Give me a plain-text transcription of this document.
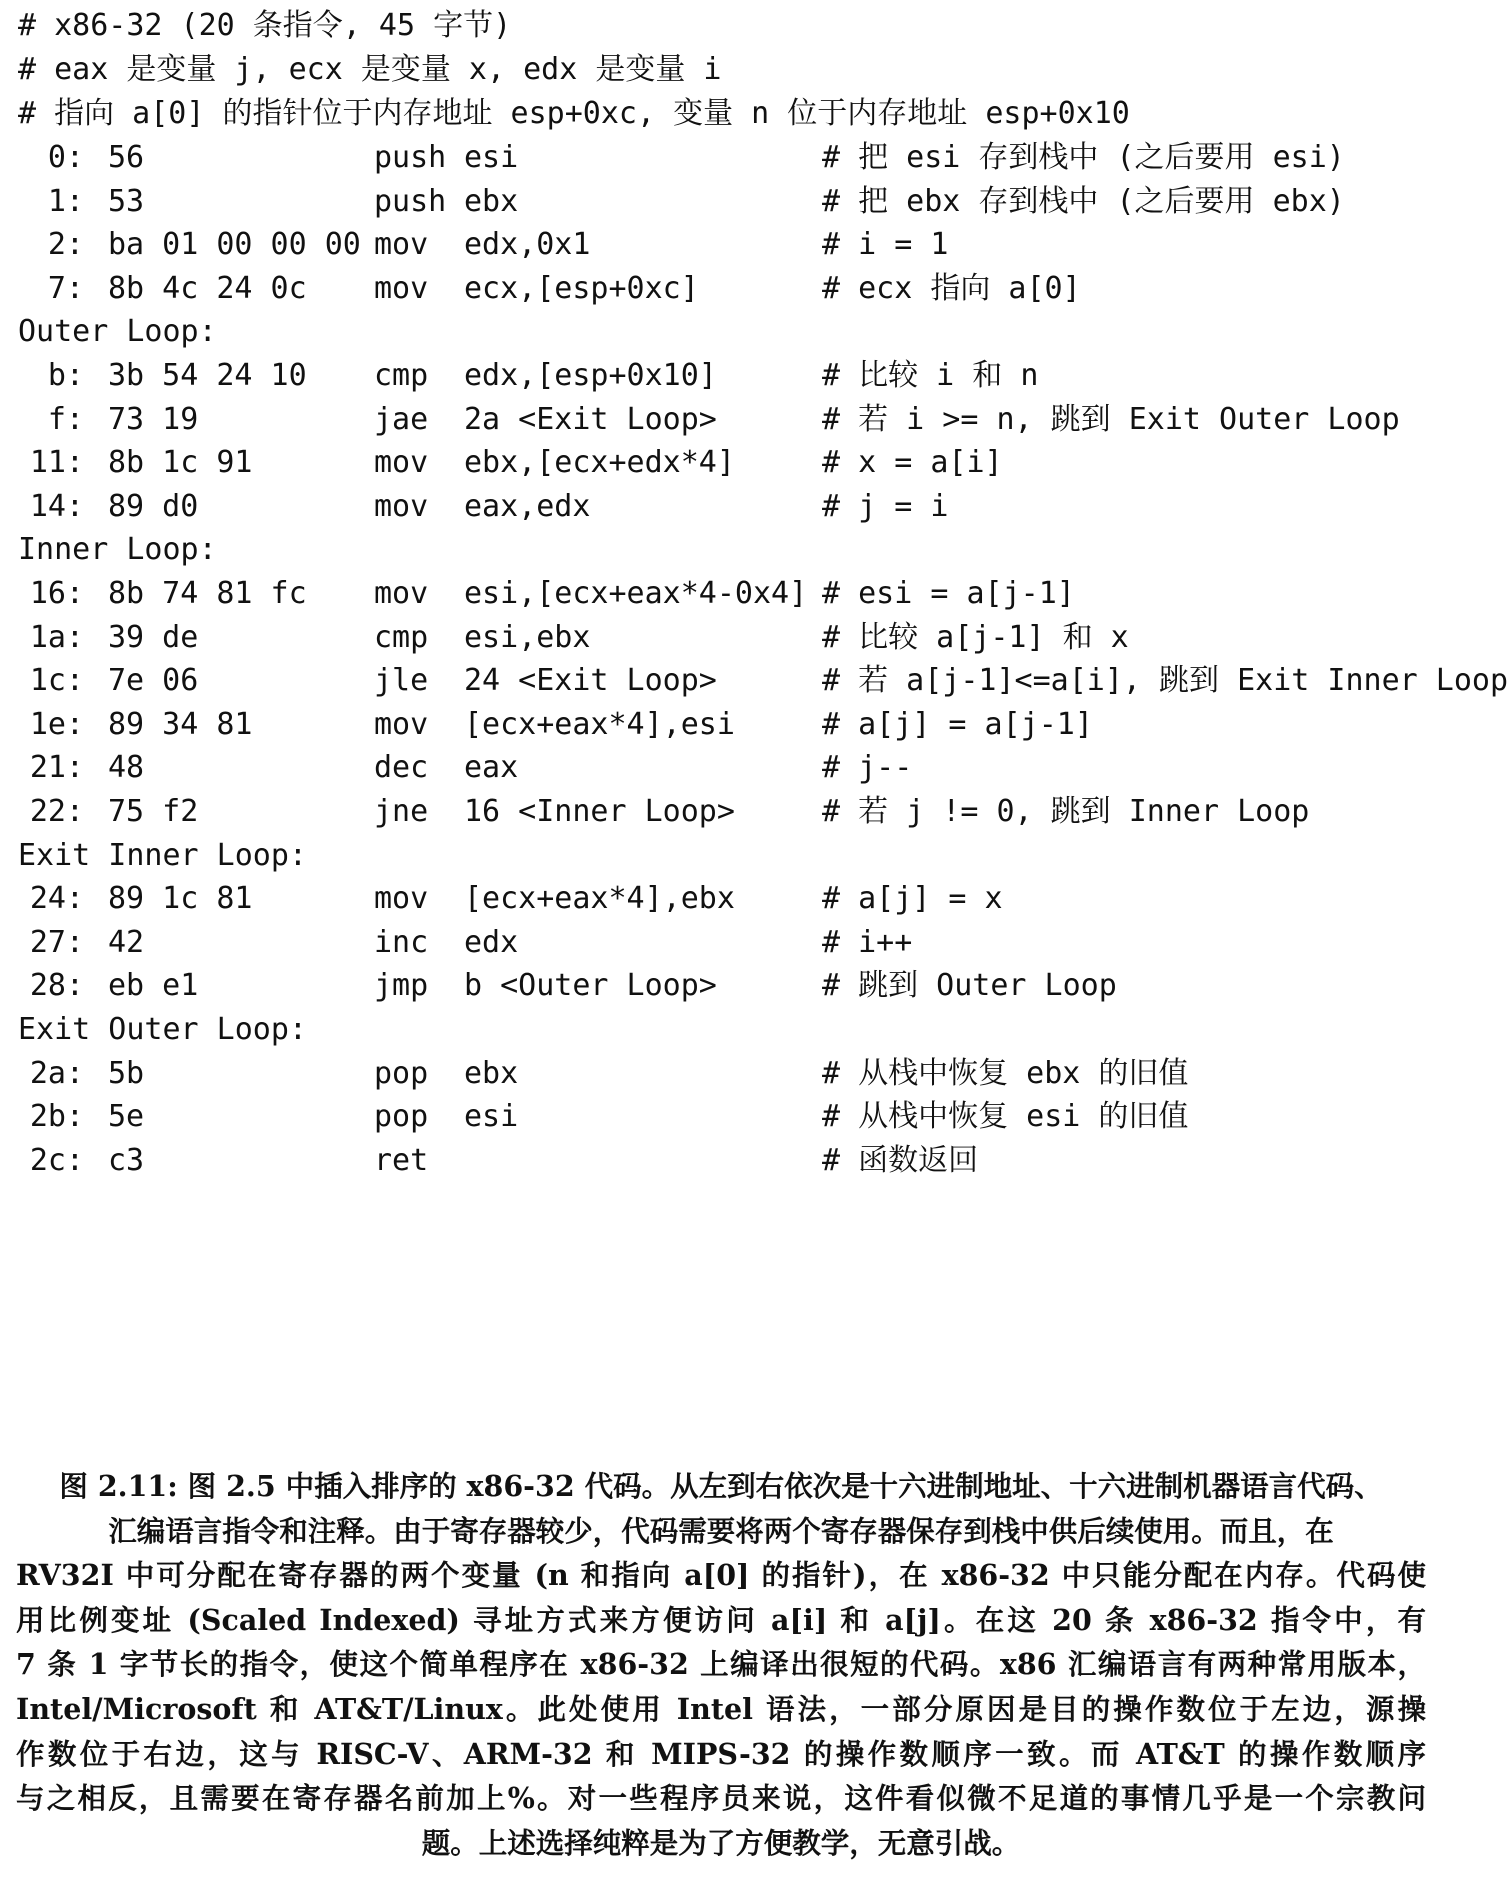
# x86-32 (20 条指令, 45 字节)
# eax 是变量 j, ecx 是变量 x, edx 是变量 i
# 指向 a[0] 的指针位于内存地址 esp+0xc, 变量 n 位于内存地址 esp+0x10
0: 56	push esi	# 把 esi 存到栈中 (之后要用 esi)
1: 53	push ebx	# 把 ebx 存到栈中 (之后要用 ebx)
2: ba 01 00 00 00 mov edx,0x1	# i = 1
7: 8b 4c 24 0c mov ecx,[esp+0xc]	# ecx 指向 a[0]
Outer Loop:
b: 3b 54 24 10 cmp edx,[esp+0x10]	# 比较 i 和 n
f: 73 19	jae 2a <Exit Loop>	# 若 i >= n, 跳到 Exit Outer Loop
11: 8b 1c 91	mov ebx,[ecx+edx*4]	# x = a[i]
14: 89 d0	mov eax,edx	# j = i
Inner Loop:
16: 8b 74 81 fc mov esi,[ecx+eax*4-0x4] # esi = a[j-1]
1a: 39 de	cmp esi,ebx	# 比较 a[j-1] 和 x
1c: 7e 06	jle 24 <Exit Loop>	# 若 a[j-1]<=a[i], 跳到 Exit Inner Loop
1e: 89 34 81	mov [ecx+eax*4],esi	# a[j] = a[j-1]
21: 48	dec eax	# j--
22: 75 f2	jne 16 <Inner Loop>	# 若 j != 0, 跳到 Inner Loop
Exit Inner Loop:
24: 89 1c 81	mov [ecx+eax*4],ebx	# a[j] = x
27: 42	inc edx	# i++
28: eb e1	jmp b <Outer Loop>	# 跳到 Outer Loop
Exit Outer Loop:
2a: 5b	pop ebx	# 从栈中恢复 ebx 的旧值
2b: 5e	pop esi	# 从栈中恢复 esi 的旧值
2c: c3	ret	# 函数返回
图 2.11: 图 2.5 中插入排序的 x86-32 代码。从左到右依次是十六进制地址、十六进制机器语言代码、
汇编语言指令和注释。由于寄存器较少，代码需要将两个寄存器保存到栈中供后续使用。而且，在
RV32I 中可分配在寄存器的两个变量 (n 和指向 a[0] 的指针)，在 x86-32 中只能分配在内存。代码使
用比例变址 (Scaled Indexed) 寻址方式来方便访问 a[i] 和 a[j]。在这 20 条 x86-32 指令中，有
7 条 1 字节长的指令，使这个简单程序在 x86-32 上编译出很短的代码。x86 汇编语言有两种常用版本，
Intel/Microsoft 和 AT&T/Linux。此处使用 Intel 语法，一部分原因是目的操作数位于左边，源操
作数位于右边，这与 RISC-V、ARM-32 和 MIPS-32 的操作数顺序一致。而 AT&T 的操作数顺序
与之相反，且需要在寄存器名前加上%。对一些程序员来说，这件看似微不足道的事情几乎是一个宗教问
题。上述选择纯粹是为了方便教学，无意引战。
